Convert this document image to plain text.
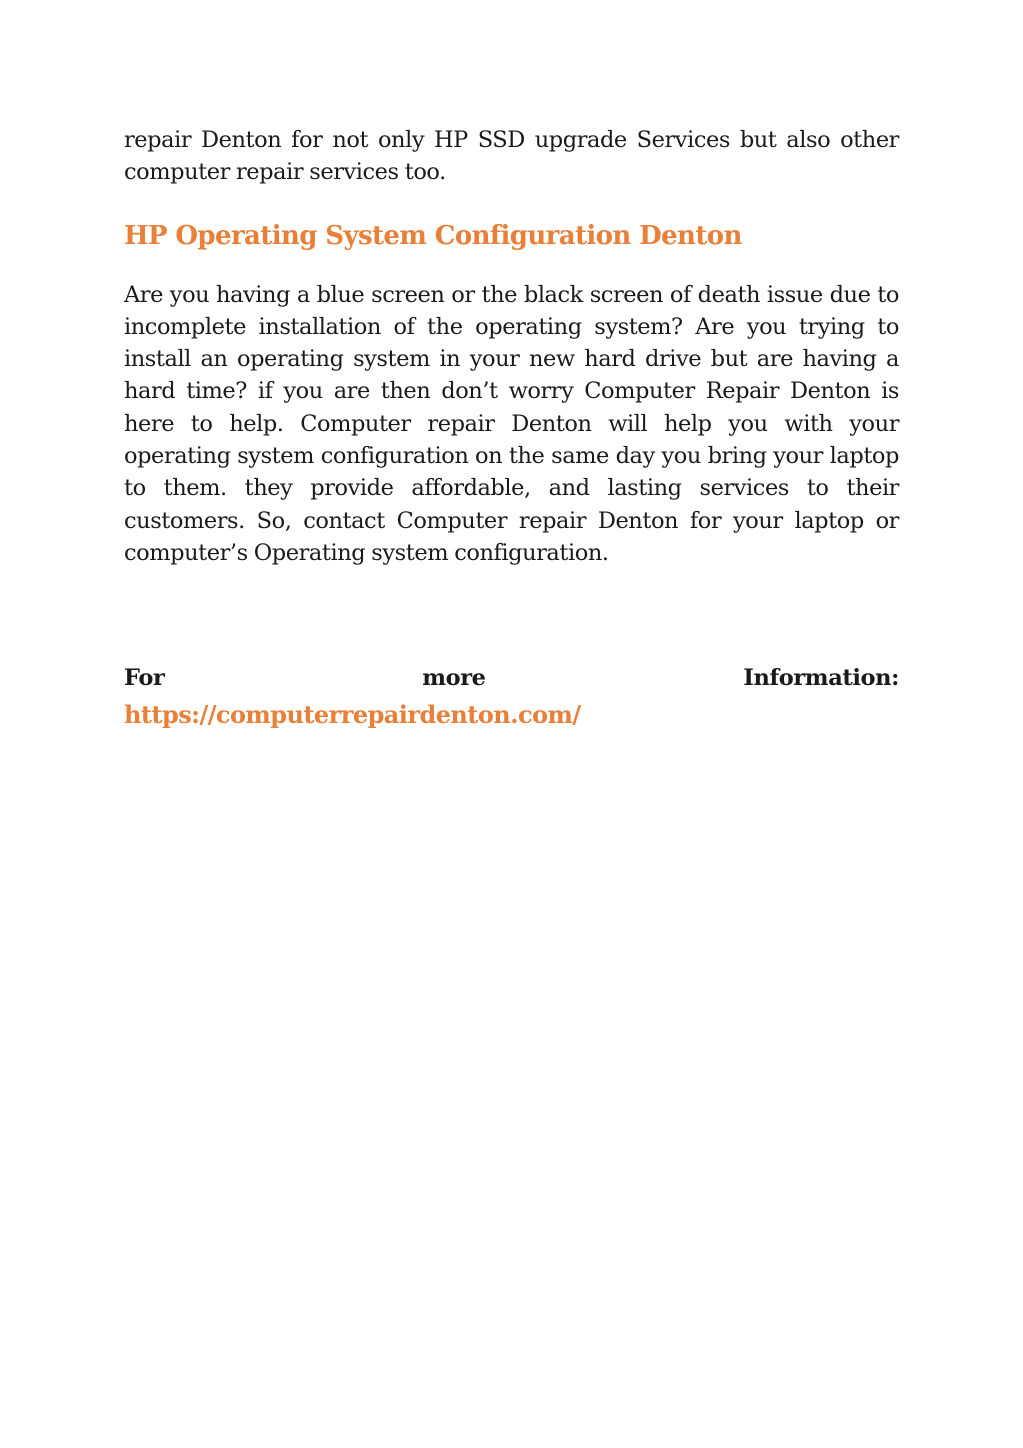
repair Denton for not only HP SSD upgrade Services but also other computer repair services too.

HP Operating System Configuration Denton

Are you having a blue screen or the black screen of death issue due to incomplete installation of the operating system? Are you trying to install an operating system in your new hard drive but are having a hard time? if you are then don’t worry Computer Repair Denton is here to help. Computer repair Denton will help you with your operating system configuration on the same day you bring your laptop to them. they provide affordable, and lasting services to their customers. So, contact Computer repair Denton for your laptop or computer’s Operating system configuration.

For	more	Information:
https://computerrepairdenton.com/
